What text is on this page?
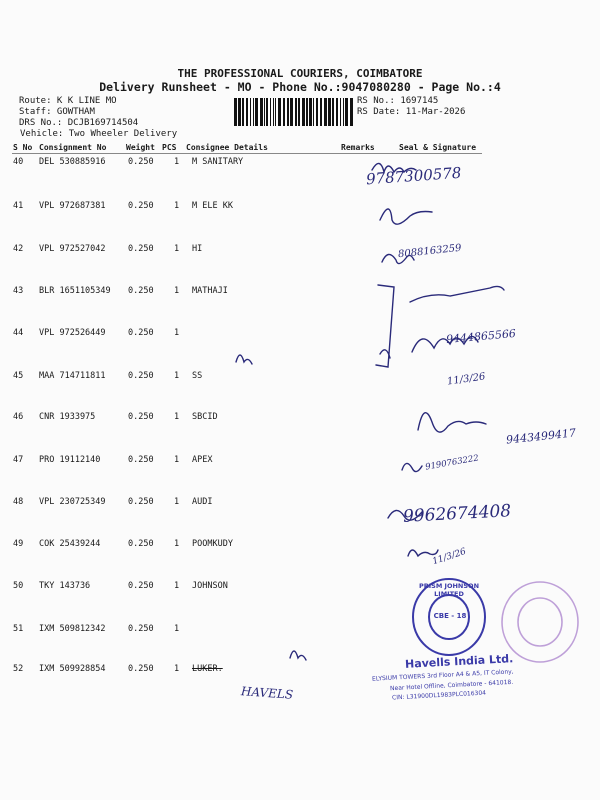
THE PROFESSIONAL COURIERS, COIMBATORE
Delivery Runsheet - MO - Phone No.:9047080280 - Page No.:4
Route: K K LINE MO
Staff: GOWTHAM
DRS No.: DCJB169714504
Vehicle: Two Wheeler Delivery
RS No.: 1697145
RS Date: 11-Mar-2026
S No Consignment No Weight PCS Consignee Details	Remarks	Seal & Signature
40 DEL 530885916	0.250 1 M SANITARY
41 VPL 972687381	0.250 1 M ELE KK
42 VPL 972527042	0.250 1 HI
43 BLR 1651105349 0.250 1 MATHAJI
44 VPL 972526449	0.250 1
45 MAA 714711811	0.250 1 SS
46 CNR 1933975	0.250 1 SBCID
47 PRO 19112140	0.250 1 APEX
48 VPL 230725349	0.250 1 AUDI
49 COK 25439244	0.250 1 POOMKUDY
50 TKY 143736	0.250 1 JOHNSON
51 IXM 509812342	0.250 1
52 IXM 509928854	0.250 1 LUKER.
9787300578
8088163259
9444865566
11/3/26
9443499417
9190763222
9962674408
11/3/26
HAVELS
PRISM JOHNSON LIMITED
CBE - 18
Havells India Ltd.
ELYSIUM TOWERS 3rd Floor A4 & A5, IT Colony,
Near Hotel Offline, Coimbatore - 641018.
CIN: L31900DL1983PLC016304
